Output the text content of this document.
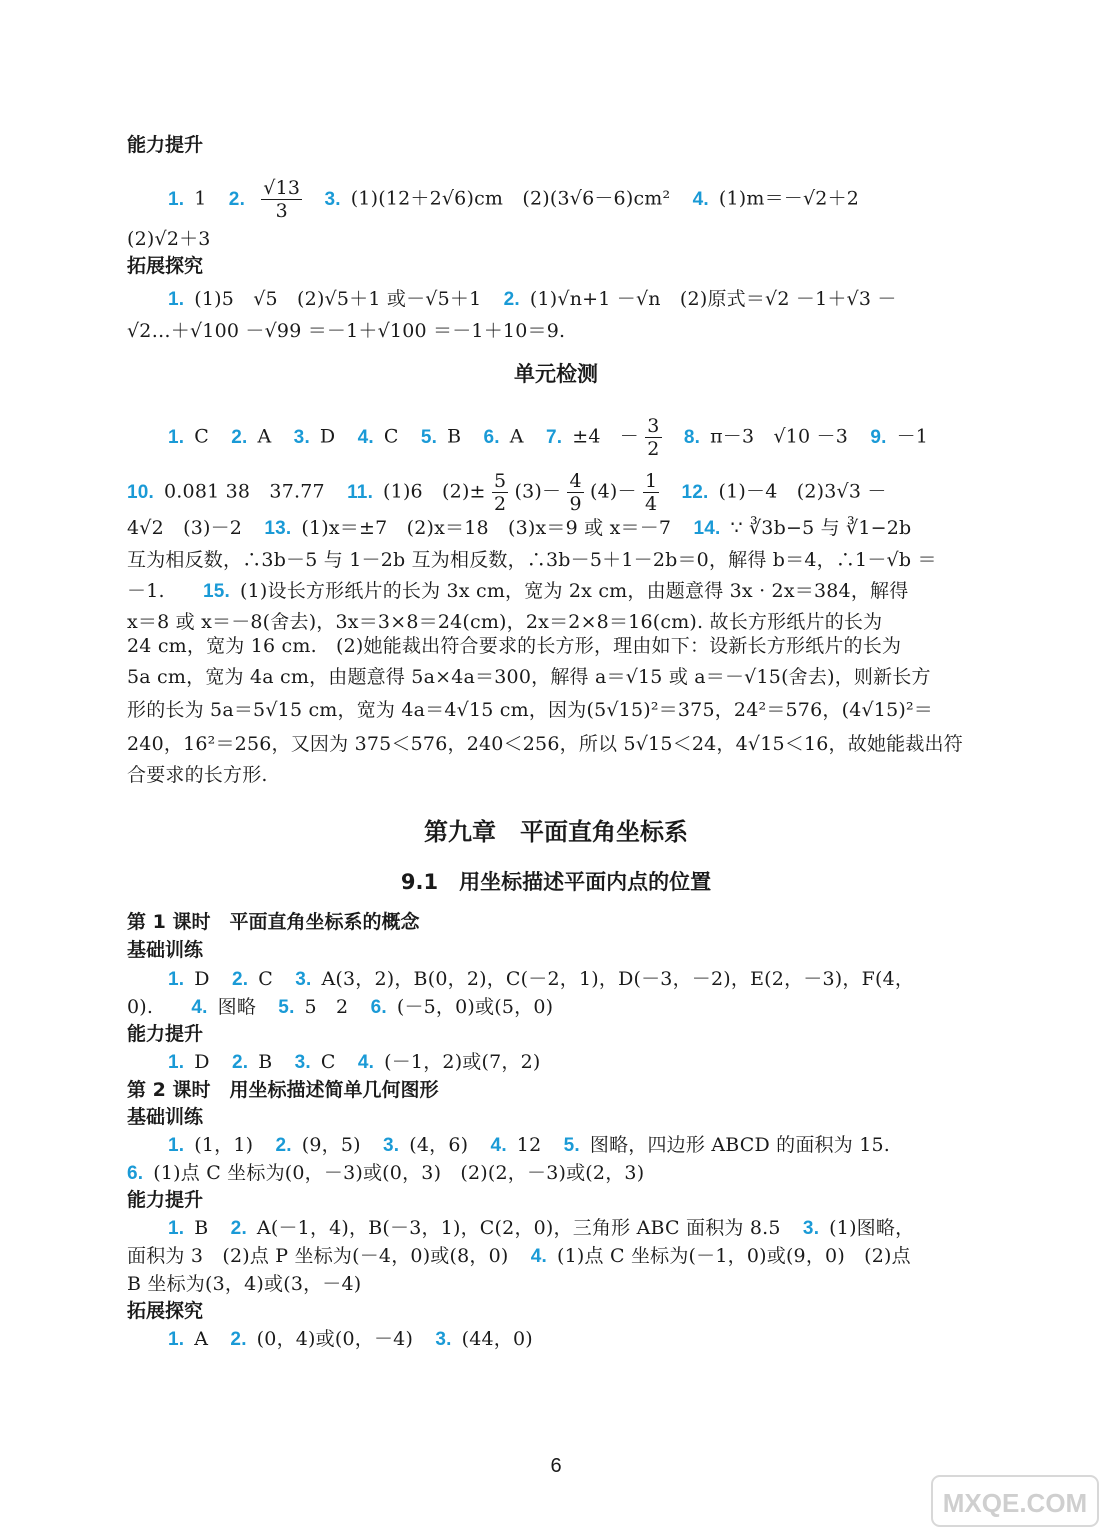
能力提升
1. 1 2. $\frac{√13}{3} 3$. (1)(12＋2√6)cm　(2)(3√6－6)cm² 4. (1)m＝－√2＋2
(2)√2＋3
拓展探究
1. (1)5　√5　(2)√5＋1 或－√5＋1 2. (1)√n+1 －√n　(2)原式＝√2 －1＋√3 －
√2…＋√100 －√99 ＝－1＋√100 ＝－1＋10＝9.
单元检测
1. C 2. A 3. D 4. C 5. B 6. A 7. ±4　－ $\frac{3}{2} 8$. π－3　√10 －3 9. －1
10. 0.081 38　37.77 11. (1)6　$(2)\pm \frac{5}{2} (3)- \frac{4}{9} (4)- \frac{1}{4} 12$. (1)－4　(2)3√3 －
4√2　(3)－2 13. (1)x＝±7　(2)x＝18　(3)x＝9 或 x＝－7 14. ∵ ∛3b−5 与 ∛1−2b
互为相反数，∴3b－5 与 1－2b 互为相反数，∴3b－5＋1－2b＝0，解得 b＝4，∴1－√b ＝
－1. 15. (1)设长方形纸片的长为 3x cm，宽为 2x cm，由题意得 3x · 2x＝384，解得
x＝8 或 x＝－8(舍去)，3x＝3×8＝24(cm)，2x＝2×8＝16(cm). 故长方形纸片的长为
24 cm，宽为 16 cm.　(2)她能裁出符合要求的长方形，理由如下：设新长方形纸片的长为
5a cm，宽为 4a cm，由题意得 5a×4a＝300，解得 a＝√15 或 a＝－√15(舍去)，则新长方
形的长为 5a＝5√15 cm，宽为 4a＝4√15 cm，因为(5√15)²＝375，24²＝576，(4√15)²＝
240，16²＝256，又因为 375＜576，240＜256，所以 5√15＜24，4√15＜16，故她能裁出符
合要求的长方形.
第九章　平面直角坐标系
9.1　用坐标描述平面内点的位置
第 1 课时　平面直角坐标系的概念
基础训练
1. D 2. C 3. A(3，2)，B(0，2)，C(－2，1)，D(－3，－2)，E(2，－3)，F(4，
0). 4. 图略 5. 5　2 6. (－5，0)或(5，0)
能力提升
1. D 2. B 3. C 4. (－1，2)或(7，2)
第 2 课时　用坐标描述简单几何图形
基础训练
1. (1，1) 2. (9，5) 3. (4，6) 4. 12 5. 图略，四边形 ABCD 的面积为 15.
6. (1)点 C 坐标为(0，－3)或(0，3)　(2)(2，－3)或(2，3)
能力提升
1. B 2. A(－1，4)，B(－3，1)，C(2，0)，三角形 ABC 面积为 8.5 3. (1)图略，
面积为 3　(2)点 P 坐标为(－4，0)或(8，0) 4. (1)点 C 坐标为(－1，0)或(9，0)　(2)点
B 坐标为(3，4)或(3，－4)
拓展探究
1. A 2. (0，4)或(0，－4) 3. (44，0)
6
MXQE.COM
